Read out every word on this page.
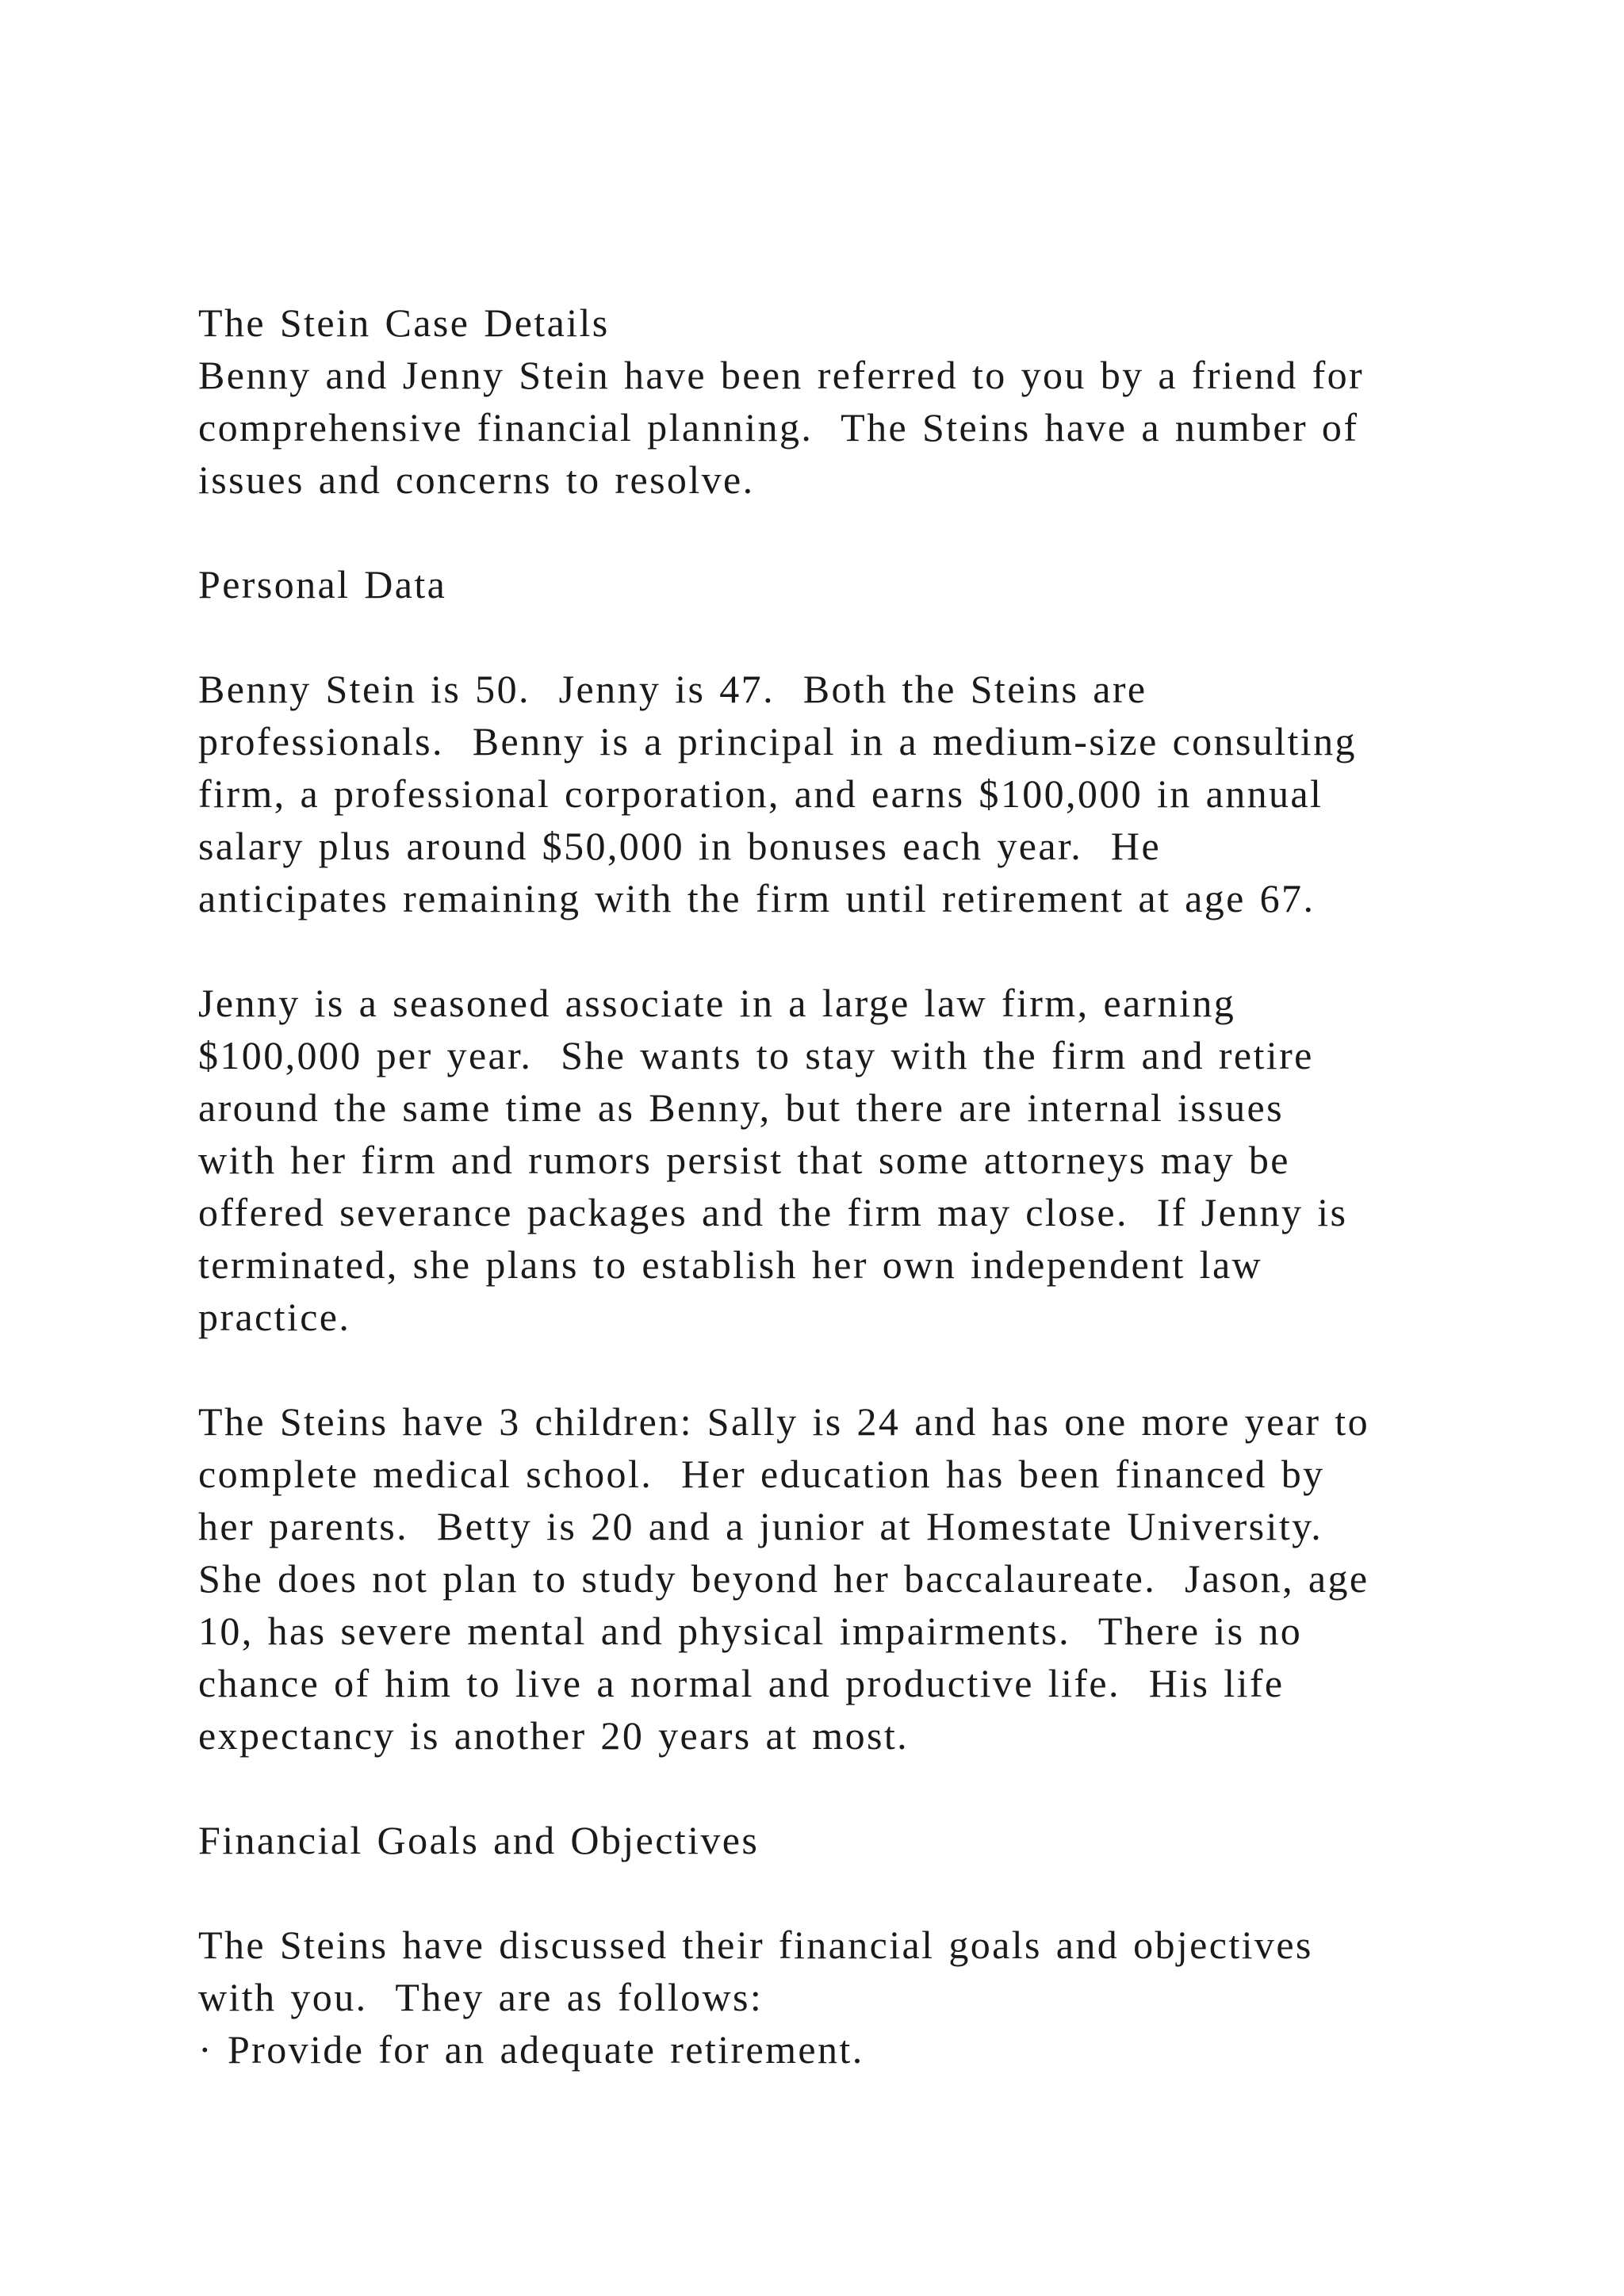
The Stein Case Details
Benny and Jenny Stein have been referred to you by a friend for
comprehensive financial planning.  The Steins have a number of
issues and concerns to resolve.
Personal Data
Benny Stein is 50.  Jenny is 47.  Both the Steins are
professionals.  Benny is a principal in a medium-size consulting
firm, a professional corporation, and earns $100,000 in annual
salary plus around $50,000 in bonuses each year.  He
anticipates remaining with the firm until retirement at age 67.
Jenny is a seasoned associate in a large law firm, earning
$100,000 per year.  She wants to stay with the firm and retire
around the same time as Benny, but there are internal issues
with her firm and rumors persist that some attorneys may be
offered severance packages and the firm may close.  If Jenny is
terminated, she plans to establish her own independent law
practice.
The Steins have 3 children: Sally is 24 and has one more year to
complete medical school.  Her education has been financed by
her parents.  Betty is 20 and a junior at Homestate University.
She does not plan to study beyond her baccalaureate.  Jason, age
10, has severe mental and physical impairments.  There is no
chance of him to live a normal and productive life.  His life
expectancy is another 20 years at most.
Financial Goals and Objectives
The Steins have discussed their financial goals and objectives
with you.  They are as follows:
· Provide for an adequate retirement.
